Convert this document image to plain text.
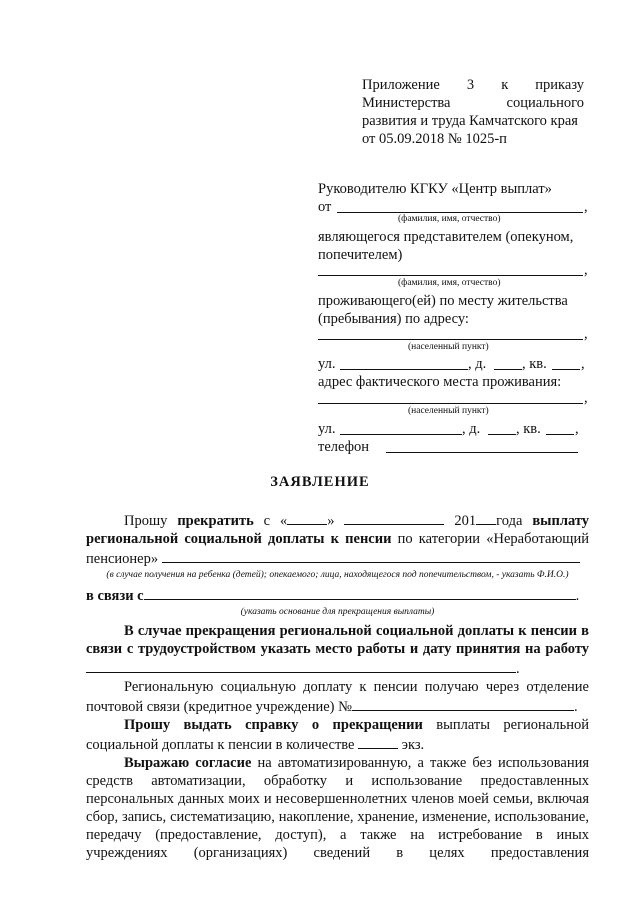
Приложение 3 к приказу
Министерства социального
развития и труда Камчатского края
от 05.09.2018 № 1025-п
Руководителю КГКУ «Центр выплат»
от	,
(фамилия, имя, отчество)
являющегося представителем (опекуном,
попечителем)
,
(фамилия, имя, отчество)
проживающего(ей) по месту жительства
(пребывания) по адресу:
,
(населенный пункт)
ул.	, д. , кв. ,
адрес фактического места проживания:
,
(населенный пункт)
ул.	, д. , кв. ,
телефон
ЗАЯВЛЕНИЕ

Прошу прекратить с «	»	201 года выплату региональной социальной доплаты к пенсии по категории «Неработающий пенсионер»

(в случае получения на ребенка (детей); опекаемого; лица, находящегося под попечительством, - указать Ф.И.О.)

в связи с	.

(указать основание для прекращения выплаты)

В случае прекращения региональной социальной доплаты к пенсии в связи с трудоустройством указать место работы и дату принятия на работу .

Региональную социальную доплату к пенсии получаю через отделение почтовой связи (кредитное учреждение) №	.

Прошу выдать справку о прекращении выплаты региональной социальной доплаты к пенсии в количестве	экз.

Выражаю согласие на автоматизированную, а также без использования средств автоматизации, обработку и использование предоставленных персональных данных моих и несовершеннолетних членов моей семьи, включая сбор, запись, систематизацию, накопление, хранение, изменение, использование, передачу (предоставление, доступ), а также на истребование в иных учреждениях (организациях) сведений в целях предоставления
